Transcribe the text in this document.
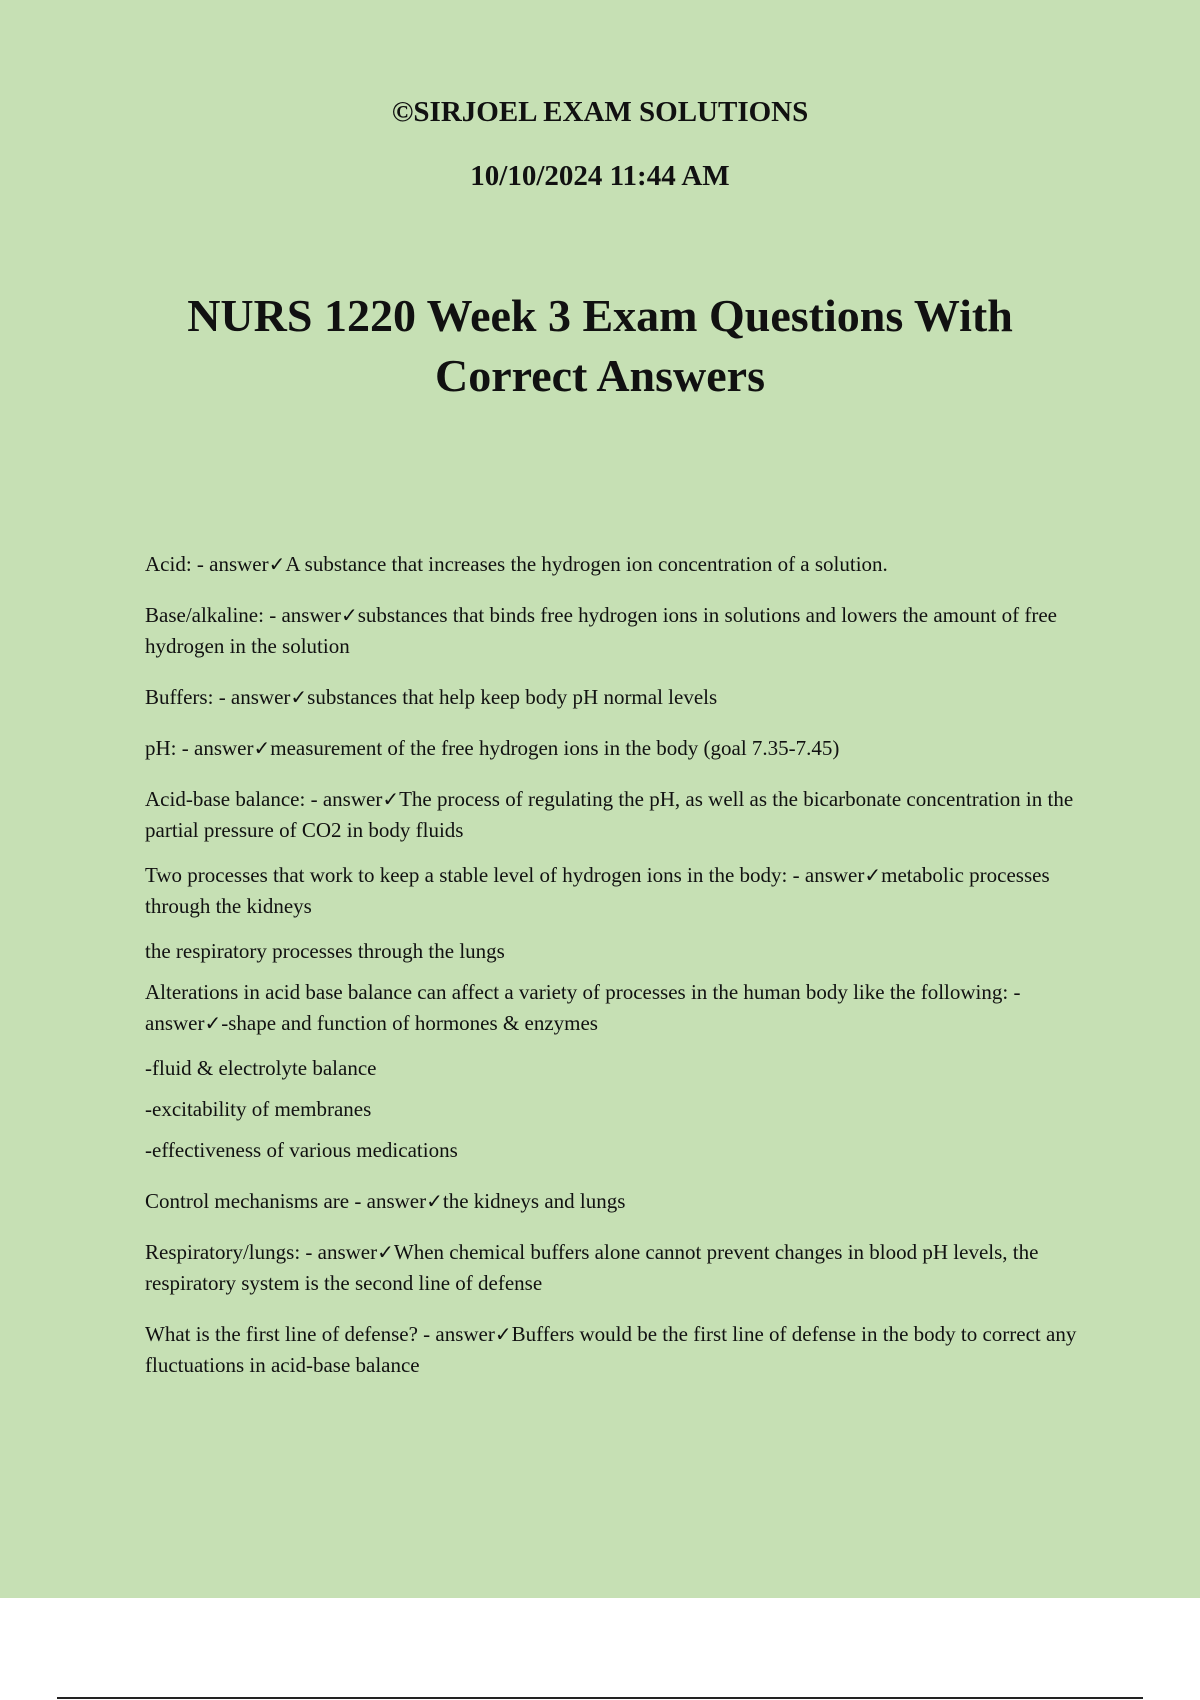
©SIRJOEL EXAM SOLUTIONS

10/10/2024 11:44 AM

NURS 1220 Week 3 Exam Questions With
Correct Answers

Acid: - answer✓A substance that increases the hydrogen ion concentration of a solution.

Base/alkaline: - answer✓substances that binds free hydrogen ions in solutions and lowers the amount of free hydrogen in the solution

Buffers: - answer✓substances that help keep body pH normal levels

pH: - answer✓measurement of the free hydrogen ions in the body (goal 7.35-7.45)

Acid-base balance: - answer✓The process of regulating the pH, as well as the bicarbonate concentration in the partial pressure of CO2 in body fluids

Two processes that work to keep a stable level of hydrogen ions in the body: - answer✓metabolic processes through the kidneys

the respiratory processes through the lungs

Alterations in acid base balance can affect a variety of processes in the human body like the following: - answer✓-shape and function of hormones & enzymes

-fluid & electrolyte balance

-excitability of membranes

-effectiveness of various medications

Control mechanisms are - answer✓the kidneys and lungs

Respiratory/lungs: - answer✓When chemical buffers alone cannot prevent changes in blood pH levels, the respiratory system is the second line of defense

What is the first line of defense? - answer✓Buffers would be the first line of defense in the body to correct any fluctuations in acid-base balance
